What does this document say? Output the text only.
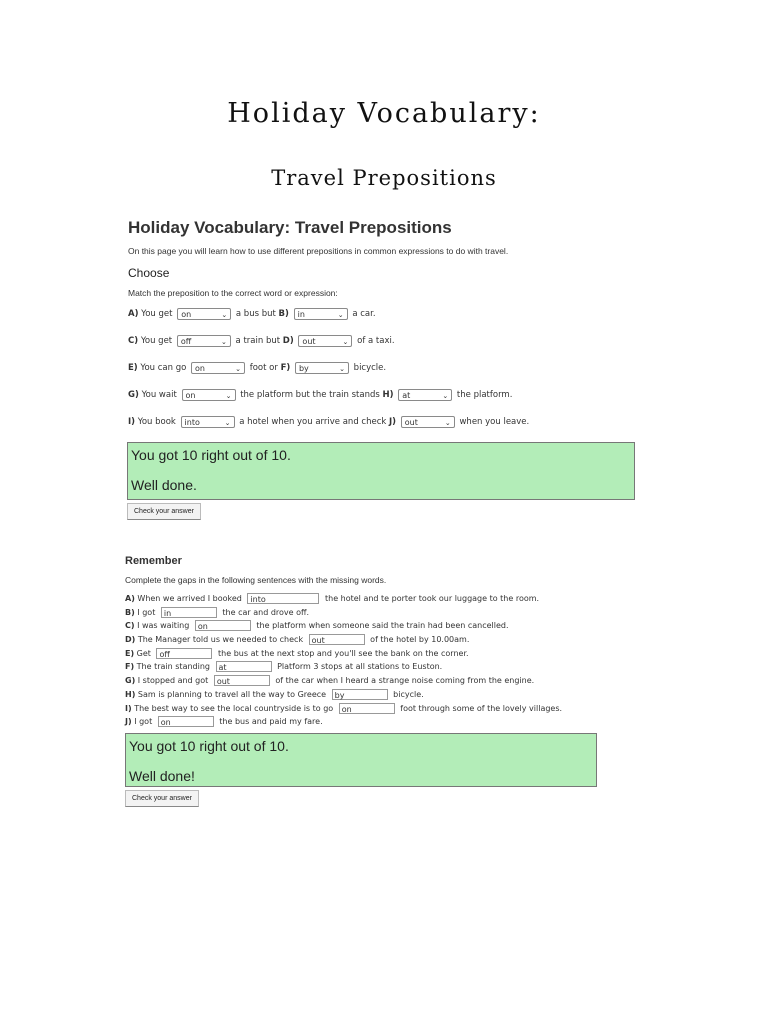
Holiday Vocabulary:
Travel Prepositions
Holiday Vocabulary: Travel Prepositions
On this page you will learn how to use different prepositions in common expressions to do with travel.
Choose
Match the preposition to the correct word or expression:
A) You get on	⌄ a bus but B) in	⌄ a car.
C) You get off	⌄ a train but D) out	⌄ of a taxi.
E) You can go on	⌄ foot or F) by	⌄ bicycle.
G) You wait on	⌄ the platform but the train stands H) at	⌄ the platform.
I) You book into	⌄ a hotel when you arrive and check J) out	⌄ when you leave.

You got 10 right out of 10.

Well done.

Check your answer
Remember
Complete the gaps in the following sentences with the missing words.
A) When we arrived I booked into	the hotel and te porter took our luggage to the room.
B) I got in	the car and drove off.
C) I was waiting on	the platform when someone said the train had been cancelled.
D) The Manager told us we needed to check out	of the hotel by 10.00am.
E) Get off	the bus at the next stop and you'll see the bank on the corner.
F) The train standing at	Platform 3 stops at all stations to Euston.
G) I stopped and got out	of the car when I heard a strange noise coming from the engine.
H) Sam is planning to travel all the way to Greece by	bicycle.
I) The best way to see the local countryside is to go on	foot through some of the lovely villages.
J) I got on	the bus and paid my fare.

You got 10 right out of 10.

Well done!

Check your answer
